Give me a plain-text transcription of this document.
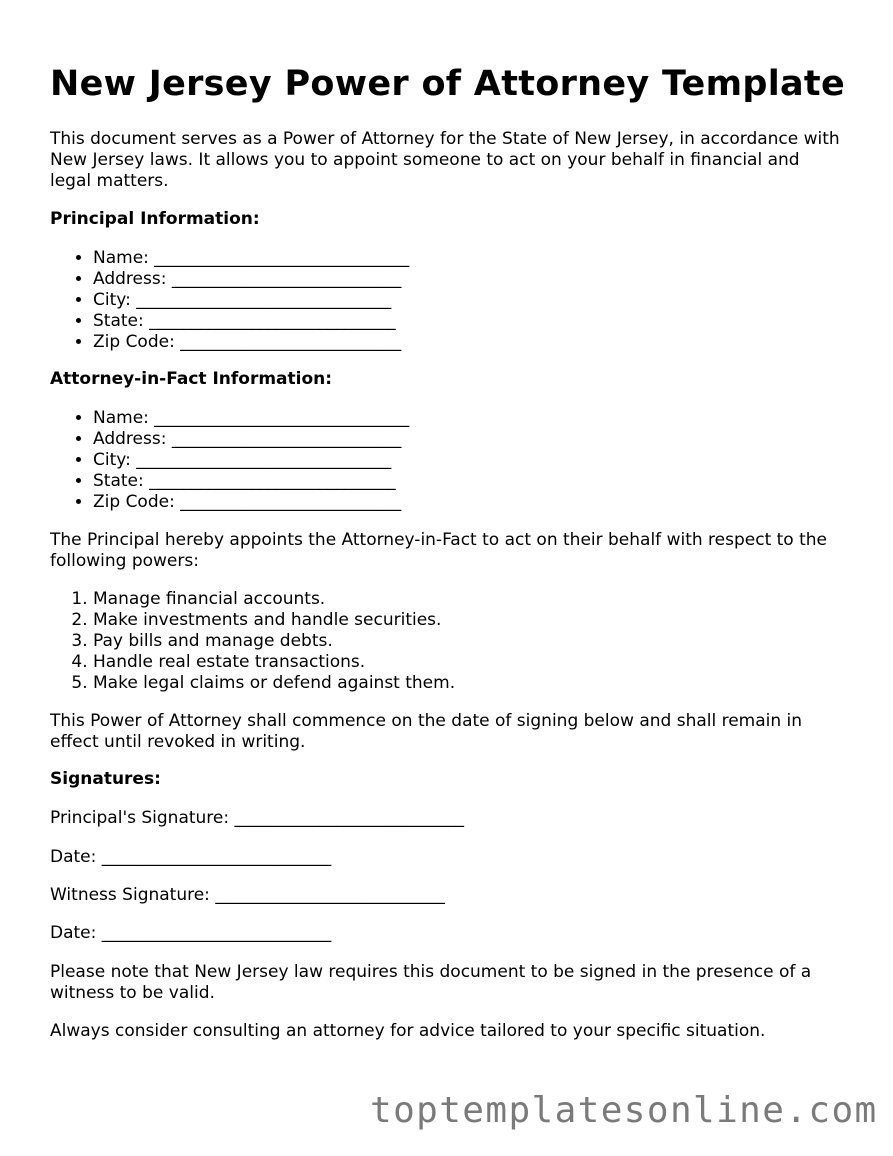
New Jersey Power of Attorney Template

This document serves as a Power of Attorney for the State of New Jersey, in accordance with New Jersey laws. It allows you to appoint someone to act on your behalf in financial and legal matters.

Principal Information:

• Name: ______________________________
• Address: ___________________________
• City: ______________________________
• State: _____________________________
• Zip Code: __________________________

Attorney-in-Fact Information:

• Name: ______________________________
• Address: ___________________________
• City: ______________________________
• State: _____________________________
• Zip Code: __________________________

The Principal hereby appoints the Attorney-in-Fact to act on their behalf with respect to the following powers:

1. Manage financial accounts.
2. Make investments and handle securities.
3. Pay bills and manage debts.
4. Handle real estate transactions.
5. Make legal claims or defend against them.

This Power of Attorney shall commence on the date of signing below and shall remain in effect until revoked in writing.

Signatures:

Principal's Signature: ___________________________

Date: ___________________________

Witness Signature: ___________________________

Date: ___________________________

Please note that New Jersey law requires this document to be signed in the presence of a witness to be valid.

Always consider consulting an attorney for advice tailored to your specific situation.

toptemplatesonline.com
